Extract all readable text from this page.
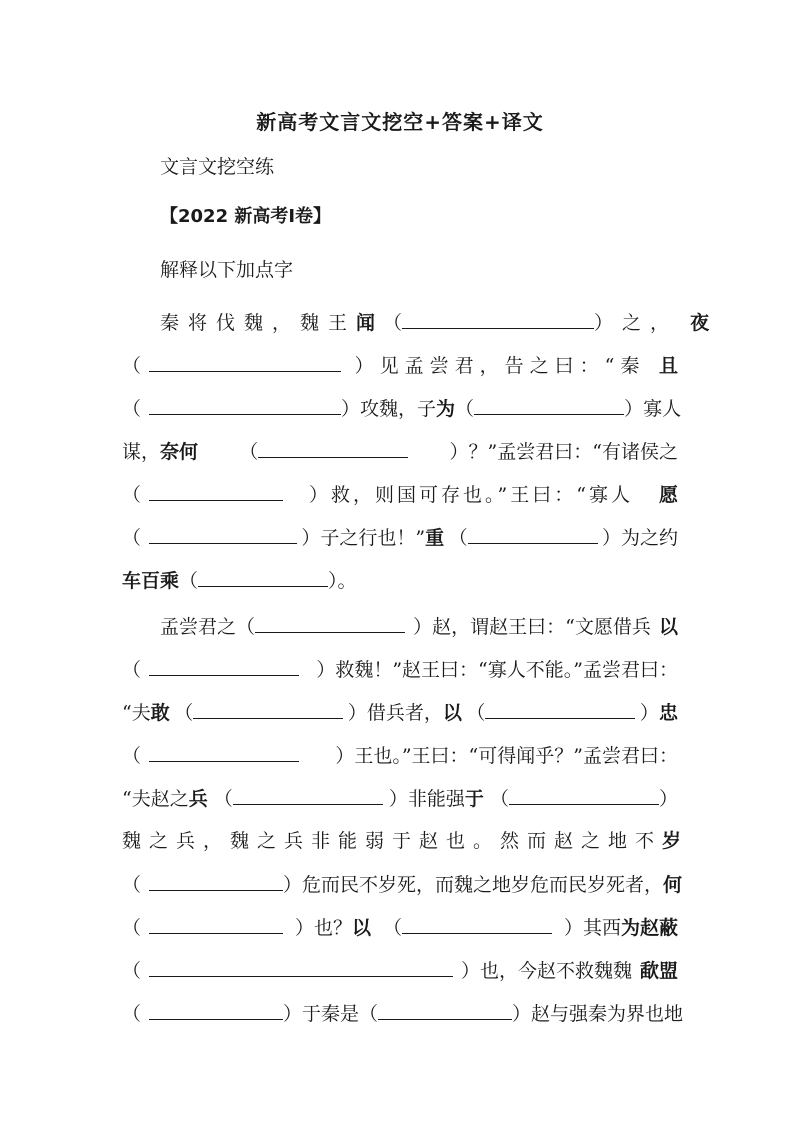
新高考文言文挖空+答案+译文
文言文挖空练
【2022 新高考Ⅰ卷】
解释以下加点字
秦将伐魏，魏王闻 （	）之， 夜
（	）见孟尝君，告之曰：“秦 且
（	）攻魏，子为 （	）寡人
谋，奈何 （	）？”孟尝君曰：“有诸侯之
（	）救，则国可存也。”王曰：“寡人 愿
（	）子之行也！”重 （	）为之约
车百乘（	）。
孟尝君之（	）赵，谓赵王曰：“文愿借兵 以
（	）救魏！”赵王曰：“寡人不能。”孟尝君曰：
“夫敢 （	）借兵者，以 （	）忠
（	）王也。”王曰：“可得闻乎？”孟尝君曰：
“夫赵之兵 （	）非能强于 （	）
魏之兵，魏之兵非能弱于赵也。然而赵之地不 岁
（	）危而民不岁死，而魏之地岁危而民岁死者， 何
（	）也？以 （	）其西为赵蔽
（	）也，今赵不救魏魏 歃盟
（	）于秦是（	）赵与强秦为界也地
